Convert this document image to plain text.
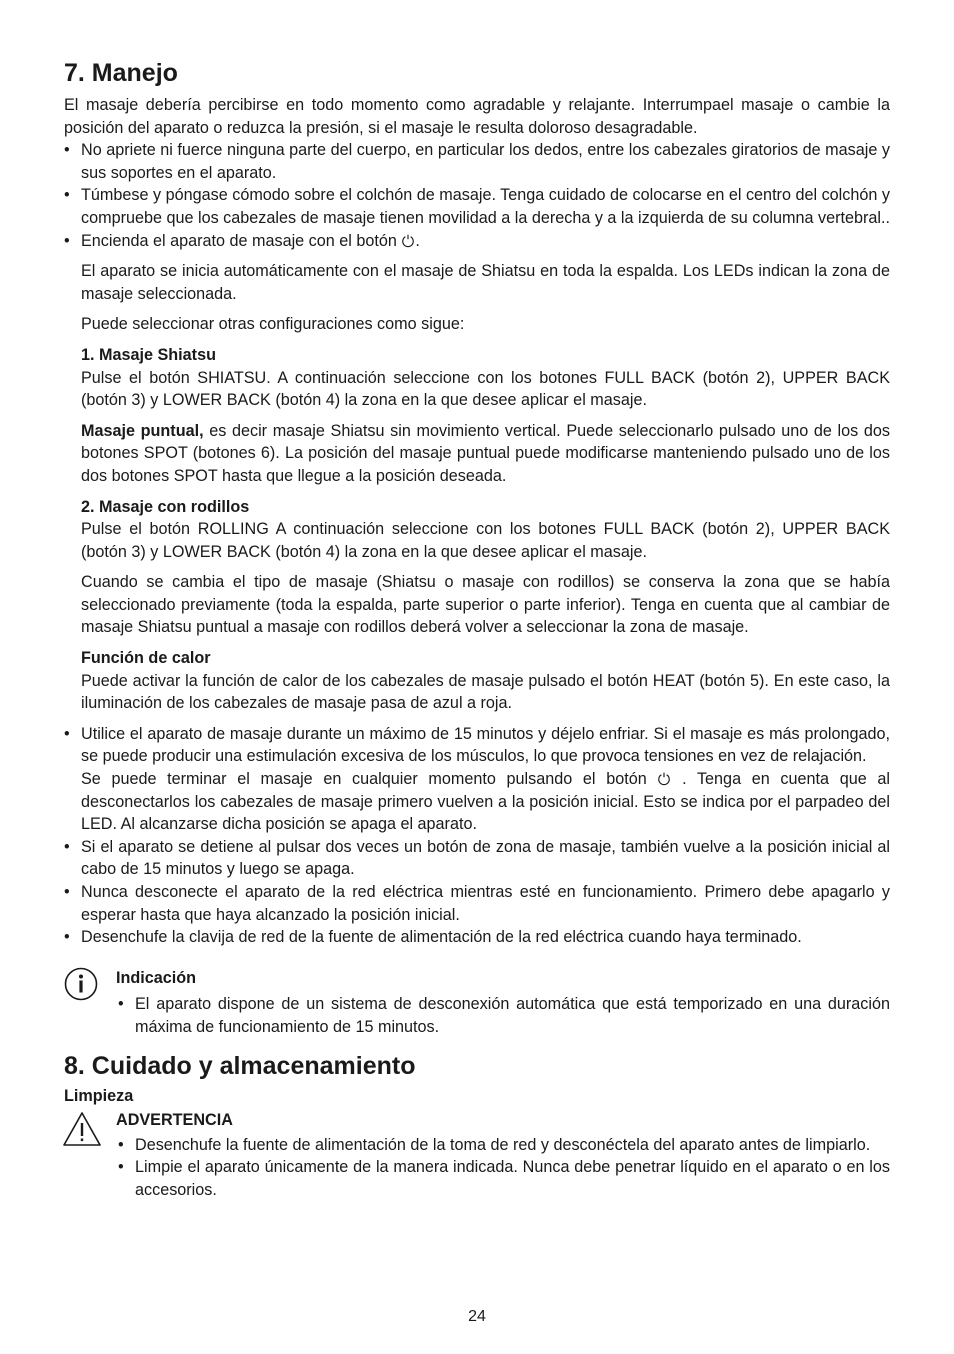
7. Manejo

El masaje debería percibirse en todo momento como agradable y relajante. Interrumpael masaje o cambie la posición del aparato o reduzca la presión, si el masaje le resulta doloroso desagradable.

• No apriete ni fuerce ninguna parte del cuerpo, en particular los dedos, entre los cabezales giratorios de masaje y sus soportes en el aparato.
• Túmbese y póngase cómodo sobre el colchón de masaje. Tenga cuidado de colocarse en el centro del colchón y compruebe que los cabezales de masaje tienen movilidad a la derecha y a la izquierda de su columna vertebral..
• Encienda el aparato de masaje con el botón .

El aparato se inicia automáticamente con el masaje de Shiatsu en toda la espalda. Los LEDs indican la zona de masaje seleccionada.

Puede seleccionar otras configuraciones como sigue:

1. Masaje Shiatsu

Pulse el botón SHIATSU. A continuación seleccione con los botones FULL BACK (botón 2), UPPER BACK (botón 3) y LOWER BACK (botón 4) la zona en la que desee aplicar el masaje.

Masaje puntual, es decir masaje Shiatsu sin movimiento vertical. Puede seleccionarlo pulsado uno de los dos botones SPOT (botones 6). La posición del masaje puntual puede modificarse manteniendo pulsado uno de los dos botones SPOT hasta que llegue a la posición deseada.

2. Masaje con rodillos

Pulse el botón ROLLING A continuación seleccione con los botones FULL BACK (botón 2), UPPER BACK (botón 3) y LOWER BACK (botón 4) la zona en la que desee aplicar el masaje.

Cuando se cambia el tipo de masaje (Shiatsu o masaje con rodillos) se conserva la zona que se había seleccionado previamente (toda la espalda, parte superior o parte inferior). Tenga en cuenta que al cambiar de masaje Shiatsu puntual a masaje con rodillos deberá volver a seleccionar la zona de masaje.

Función de calor

Puede activar la función de calor de los cabezales de masaje pulsado el botón HEAT (botón 5). En este caso, la iluminación de los cabezales de masaje pasa de azul a roja.

• Utilice el aparato de masaje durante un máximo de 15 minutos y déjelo enfriar. Si el masaje es más prolongado, se puede producir una estimulación excesiva de los músculos, lo que provoca tensiones en vez de relajación.
Se puede terminar el masaje en cualquier momento pulsando el botón  . Tenga en cuenta que al desconectarlos los cabezales de masaje primero vuelven a la posición inicial. Esto se indica por el parpadeo del LED. Al alcanzarse dicha posición se apaga el aparato.
• Si el aparato se detiene al pulsar dos veces un botón de zona de masaje, también vuelve a la posición inicial al cabo de 15 minutos y luego se apaga.
• Nunca desconecte el aparato de la red eléctrica mientras esté en funcionamiento. Primero debe apagarlo y esperar hasta que haya alcanzado la posición inicial.
• Desenchufe la clavija de red de la fuente de alimentación de la red eléctrica cuando haya terminado.
Indicación
• El aparato dispone de un sistema de desconexión automática que está temporizado en una duración máxima de funcionamiento de 15 minutos.
8. Cuidado y almacenamiento
Limpieza
ADVERTENCIA
• Desenchufe la fuente de alimentación de la toma de red y desconéctela del aparato antes de limpiarlo.
• Limpie el aparato únicamente de la manera indicada. Nunca debe penetrar líquido en el aparato o en los accesorios.
24
